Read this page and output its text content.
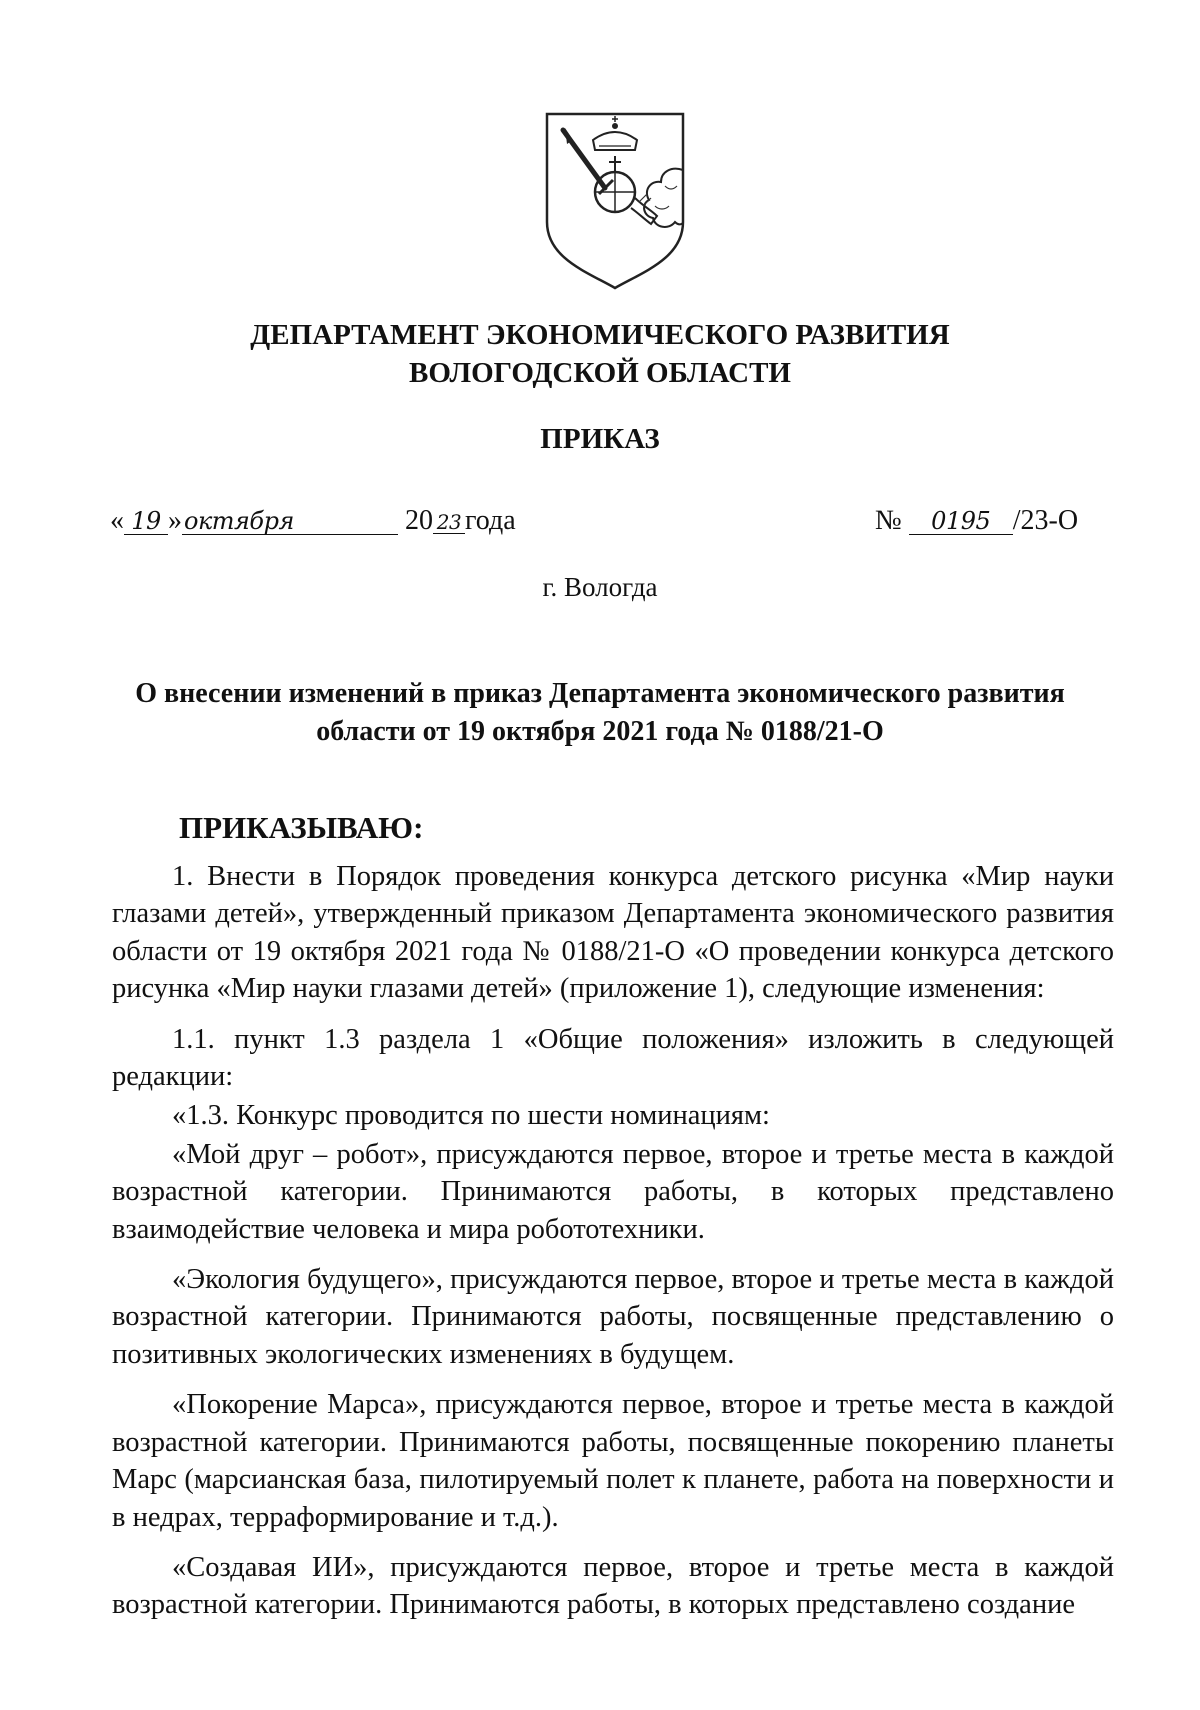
ДЕПАРТАМЕНТ ЭКОНОМИЧЕСКОГО РАЗВИТИЯ
ВОЛОГОДСКОЙ ОБЛАСТИ
ПРИКАЗ
« 19 »октября	20 23 года	№ 0195 /23-О
г. Вологда
О внесении изменений в приказ Департамента экономического развития
области от 19 октября 2021 года № 0188/21-О
ПРИКАЗЫВАЮ:

1. Внести в Порядок проведения конкурса детского рисунка «Мир науки глазами детей», утвержденный приказом Департамента экономического развития области от 19 октября 2021 года № 0188/21-О «О проведении конкурса детского рисунка «Мир науки глазами детей» (приложение 1), следующие изменения:

1.1. пункт 1.3 раздела 1 «Общие положения» изложить в следующей редакции:

«1.3. Конкурс проводится по шести номинациям:

«Мой друг – робот», присуждаются первое, второе и третье места в каждой возрастной категории. Принимаются работы, в которых представлено взаимодействие человека и мира робототехники.

«Экология будущего», присуждаются первое, второе и третье места в каждой возрастной категории. Принимаются работы, посвященные представлению о позитивных экологических изменениях в будущем.

«Покорение Марса», присуждаются первое, второе и третье места в каждой возрастной категории. Принимаются работы, посвященные покорению планеты Марс (марсианская база, пилотируемый полет к планете, работа на поверхности и в недрах, терраформирование и т.д.).

«Создавая ИИ», присуждаются первое, второе и третье места в каждой возрастной категории. Принимаются работы, в которых представлено создание
